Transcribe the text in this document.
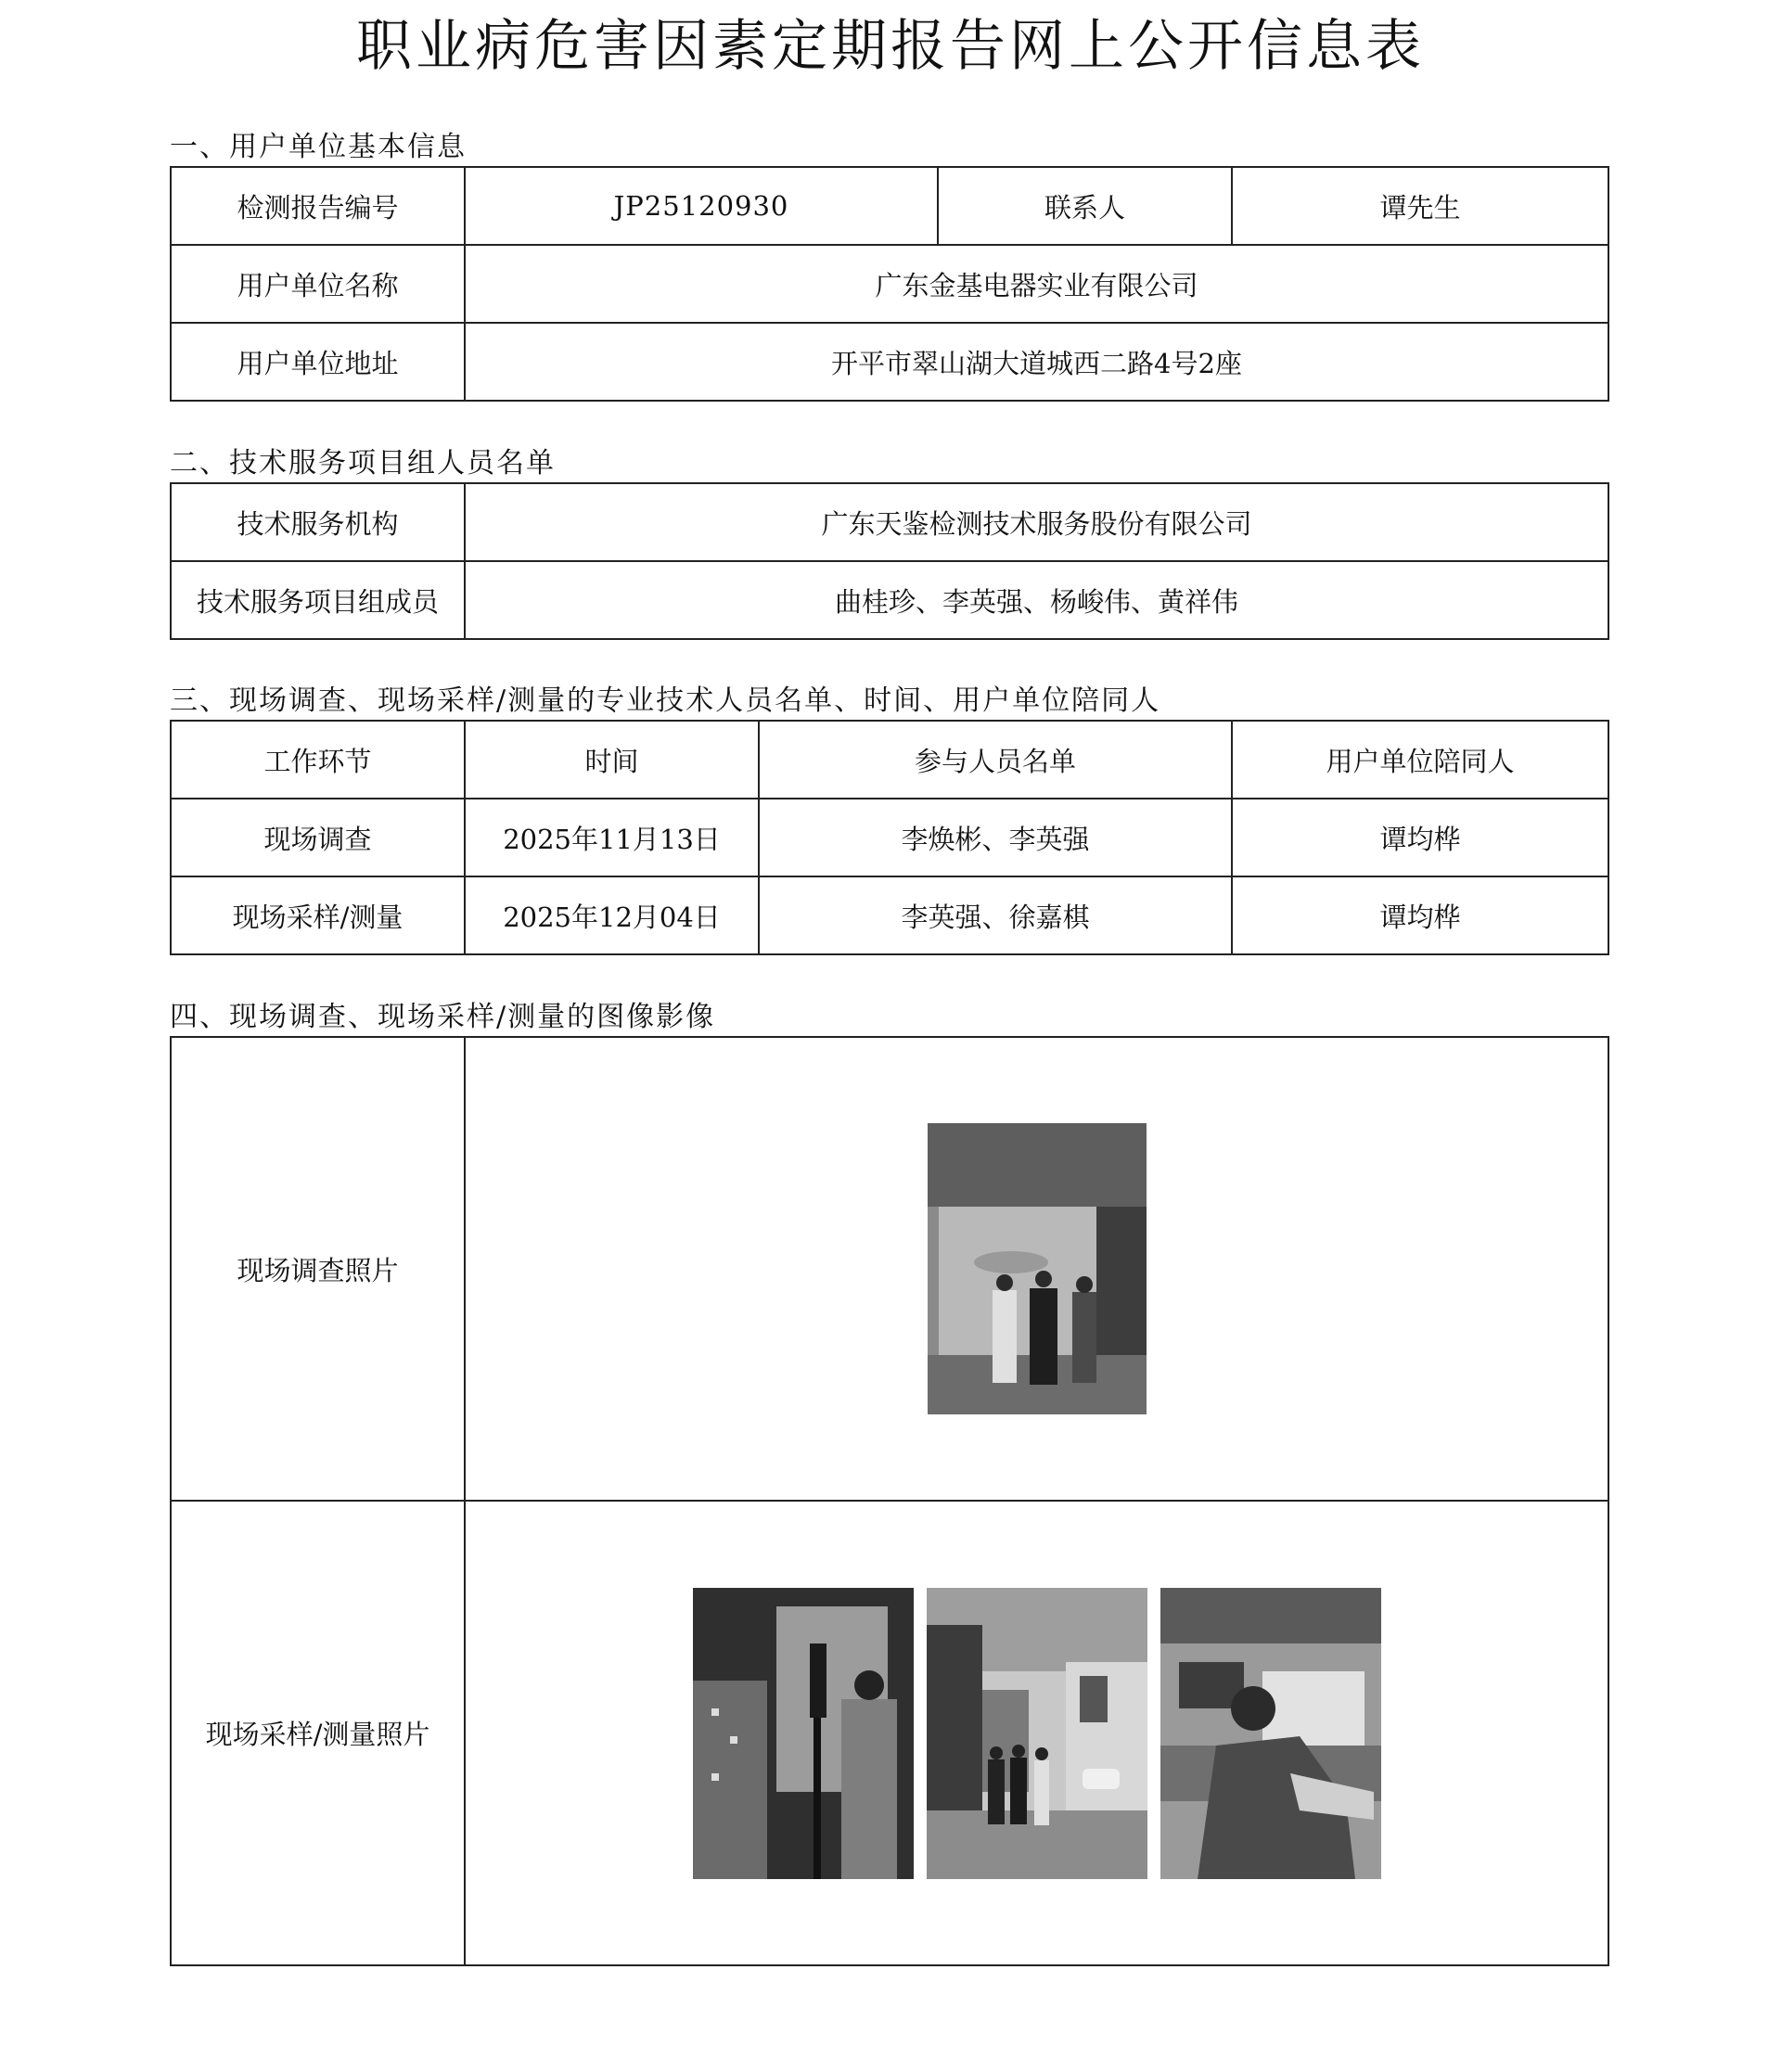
职业病危害因素定期报告网上公开信息表
一、用户单位基本信息
检测报告编号	JP25120930	联系人	谭先生
用户单位名称	广东金基电器实业有限公司		
用户单位地址	开平市翠山湖大道城西二路4号2座		
二、技术服务项目组人员名单
技术服务机构	广东天鉴检测技术服务股份有限公司
技术服务项目组成员	曲桂珍、李英强、杨峻伟、黄祥伟
三、现场调查、现场采样/测量的专业技术人员名单、时间、用户单位陪同人
工作环节	时间	参与人员名单	用户单位陪同人
现场调查	2025年11月13日	李焕彬、李英强	谭均桦
现场采样/测量	2025年12月04日	李英强、徐嘉棋	谭均桦
四、现场调查、现场采样/测量的图像影像
现场调查照片	

现场采样/测量照片	
